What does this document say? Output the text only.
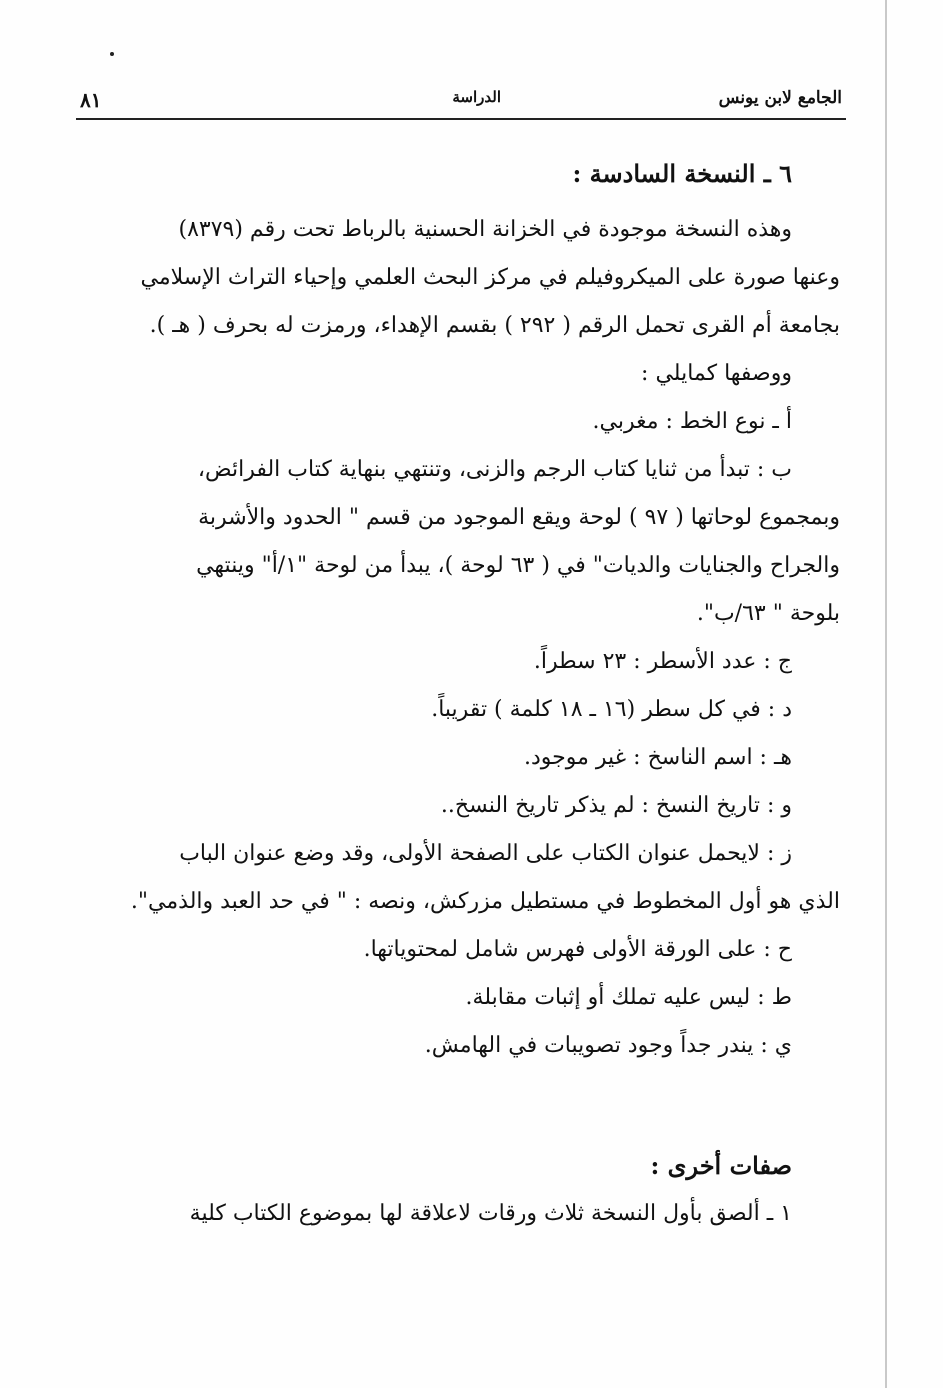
الجامع لابن يونس
الدراسة
٨١
٦ ـ النسخة السادسة :
وهذه النسخة موجودة في الخزانة الحسنية بالرباط تحت رقم (٨٣٧٩)
وعنها صورة على الميكروفيلم في مركز البحث العلمي وإحياء التراث الإسلامي
بجامعة أم القرى تحمل الرقم ( ٢٩٢ ) بقسم الإهداء، ورمزت له بحرف ( هـ ).
ووصفها كمايلي :
أ ـ نوع الخط : مغربي.
ب : تبدأ من ثنايا كتاب الرجم والزنى، وتنتهي بنهاية كتاب الفرائض،
وبمجموع لوحاتها ( ٩٧ ) لوحة ويقع الموجود من قسم " الحدود والأشربة
والجراح والجنايات والديات" في ( ٦٣ لوحة )، يبدأ من لوحة "١/أ" وينتهي
بلوحة " ٦٣/ب".
ج : عدد الأسطر : ٢٣ سطراً.
د : في كل سطر (١٦ ـ ١٨ كلمة ) تقريباً.
هـ : اسم الناسخ : غير موجود.
و : تاريخ النسخ : لم يذكر تاريخ النسخ..
ز : لايحمل عنوان الكتاب على الصفحة الأولى، وقد وضع عنوان الباب
الذي هو أول المخطوط في مستطيل مزركش، ونصه : " في حد العبد والذمي".
ح : على الورقة الأولى فهرس شامل لمحتوياتها.
ط : ليس عليه تملك أو إثبات مقابلة.
ي : يندر جداً وجود تصويبات في الهامش.
صفات أخرى :
١ ـ ألصق بأول النسخة ثلاث ورقات لاعلاقة لها بموضوع الكتاب كلية
